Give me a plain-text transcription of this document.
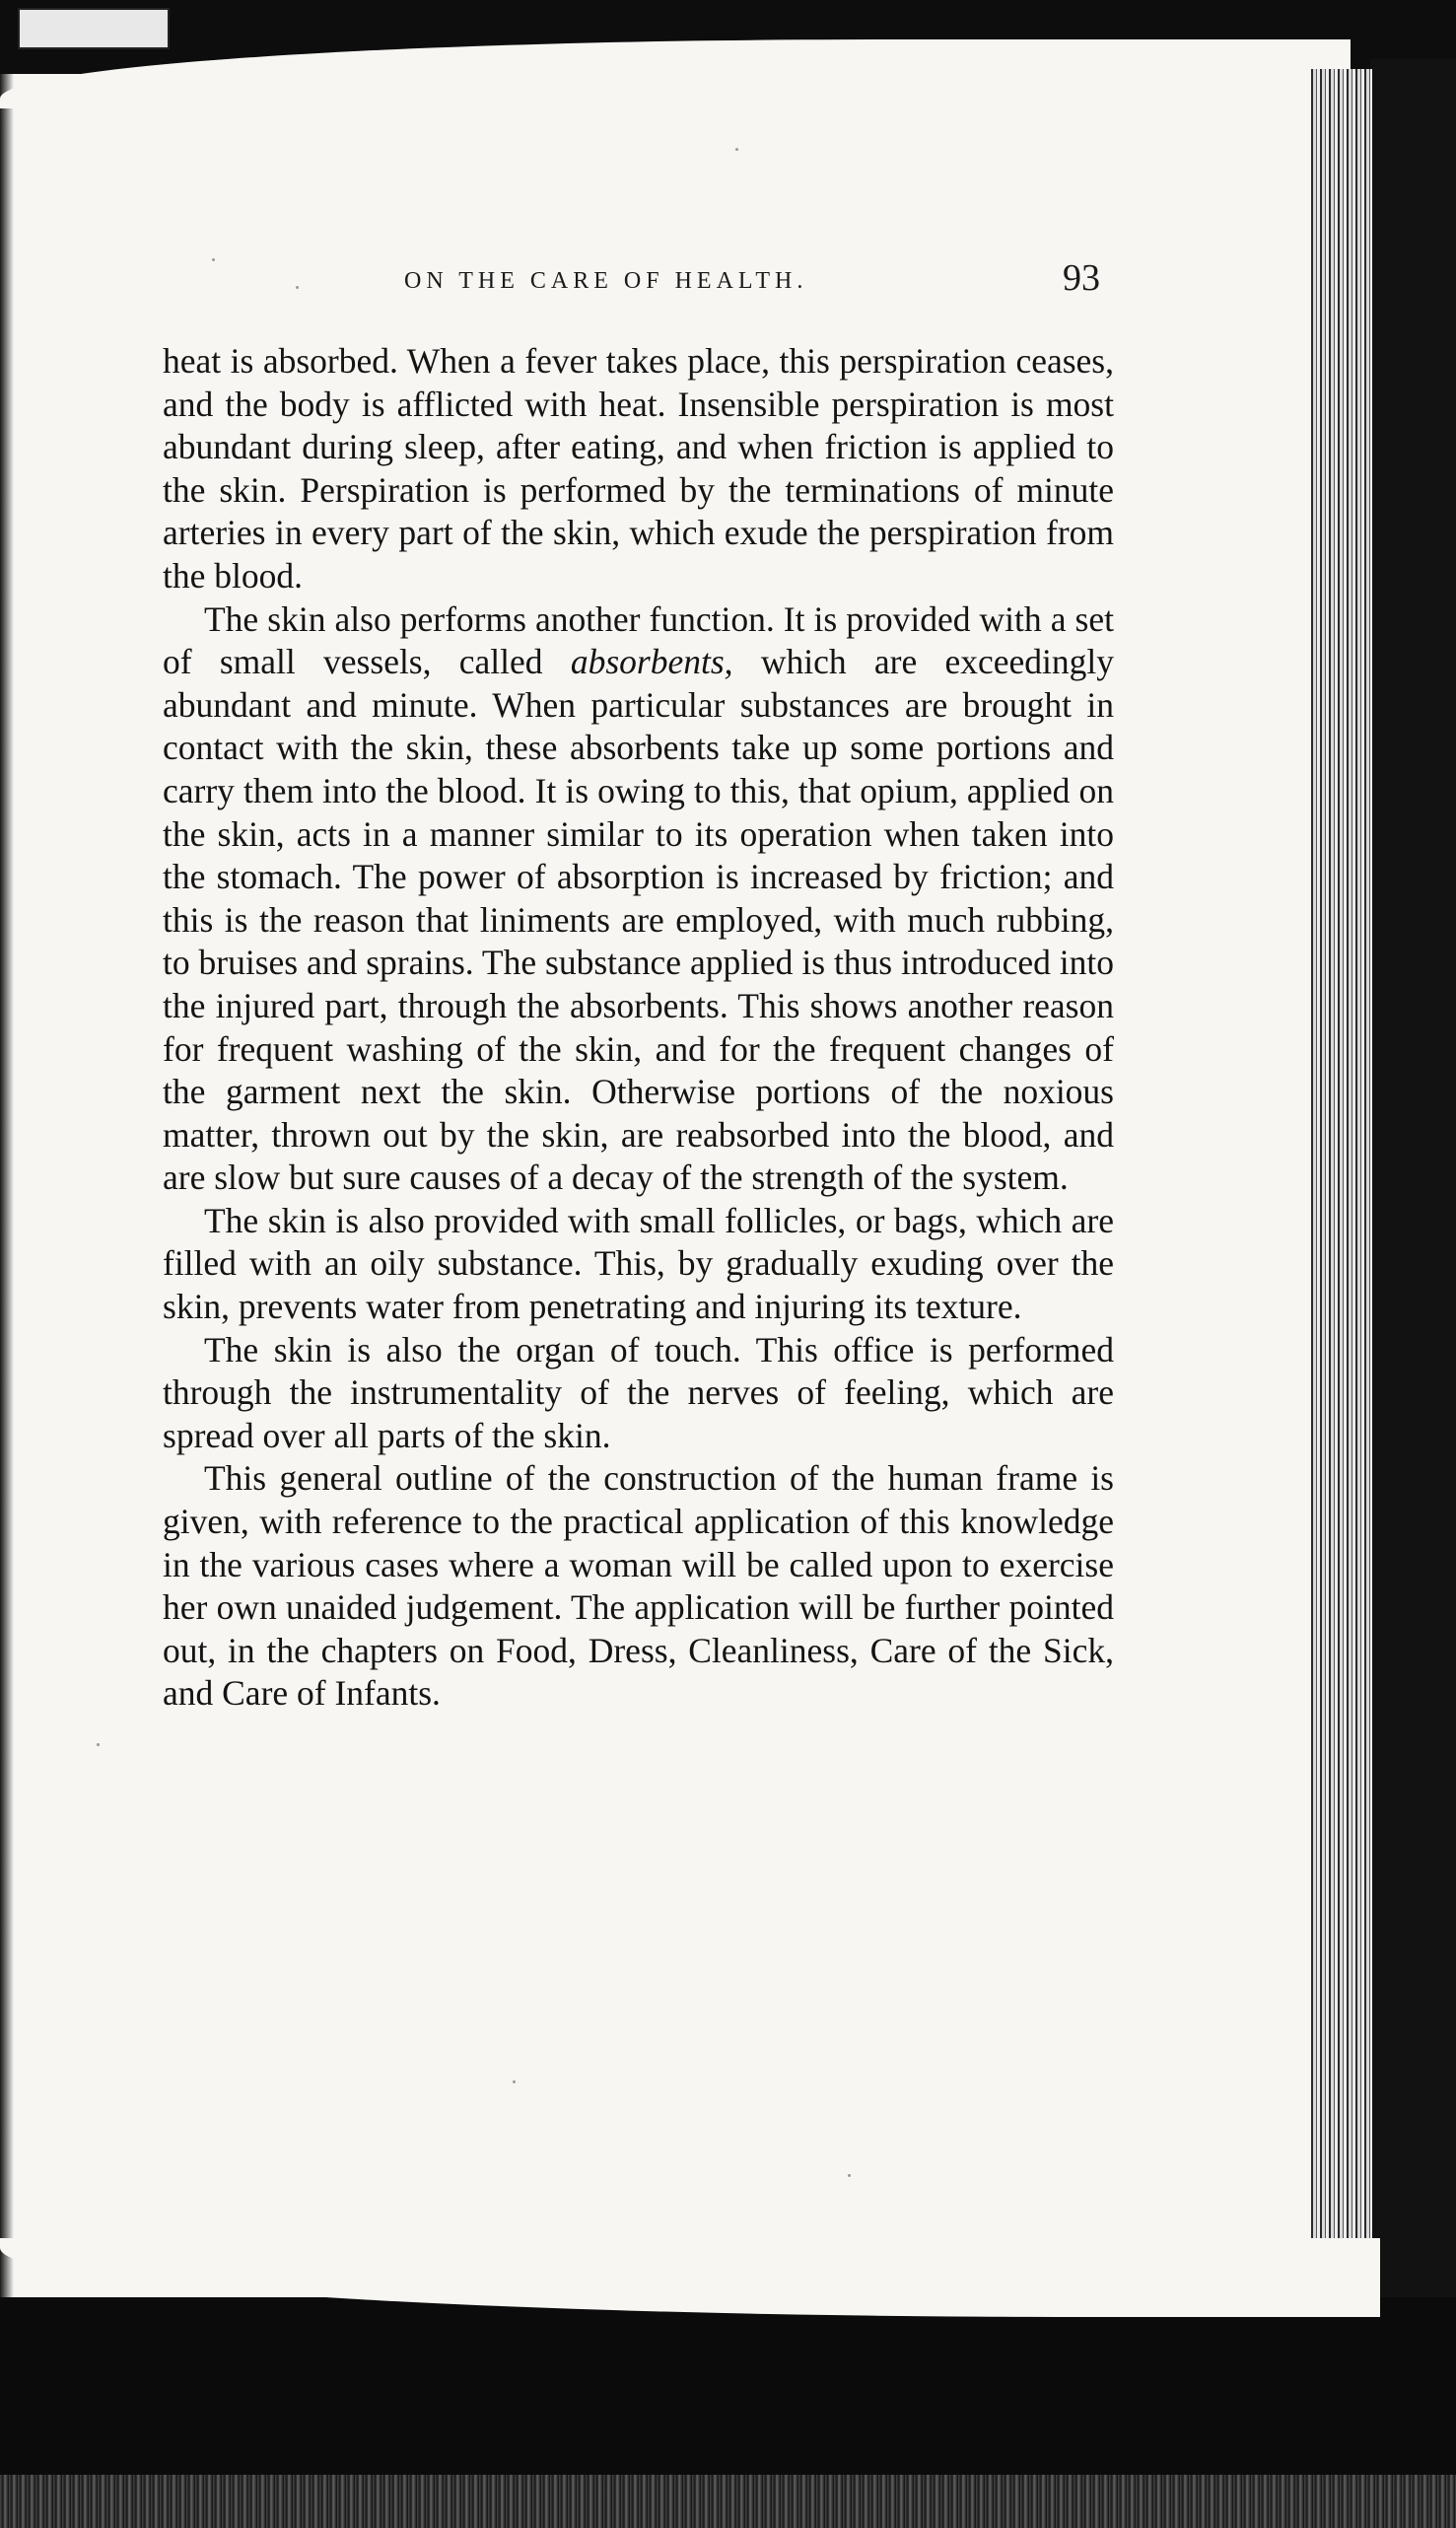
ON THE CARE OF HEALTH.	93

heat is absorbed. When a fever takes place, this perspiration ceases, and the body is afflicted with heat. Insensible perspiration is most abundant during sleep, after eating, and when friction is applied to the skin. Perspiration is performed by the terminations of minute arteries in every part of the skin, which exude the perspiration from the blood.

The skin also performs another function. It is provided with a set of small vessels, called absorbents, which are exceedingly abundant and minute. When particular substances are brought in contact with the skin, these absorbents take up some portions and carry them into the blood. It is owing to this, that opium, applied on the skin, acts in a manner similar to its operation when taken into the stomach. The power of absorption is increased by friction; and this is the reason that liniments are employed, with much rubbing, to bruises and sprains. The substance applied is thus introduced into the injured part, through the absorbents. This shows another reason for frequent washing of the skin, and for the frequent changes of the garment next the skin. Otherwise portions of the noxious matter, thrown out by the skin, are reabsorbed into the blood, and are slow but sure causes of a decay of the strength of the system.

The skin is also provided with small follicles, or bags, which are filled with an oily substance. This, by gradually exuding over the skin, prevents water from penetrating and injuring its texture.

The skin is also the organ of touch. This office is performed through the instrumentality of the nerves of feeling, which are spread over all parts of the skin.

This general outline of the construction of the human frame is given, with reference to the practical application of this knowledge in the various cases where a woman will be called upon to exercise her own unaided judgement. The application will be further pointed out, in the chapters on Food, Dress, Cleanliness, Care of the Sick, and Care of Infants.
